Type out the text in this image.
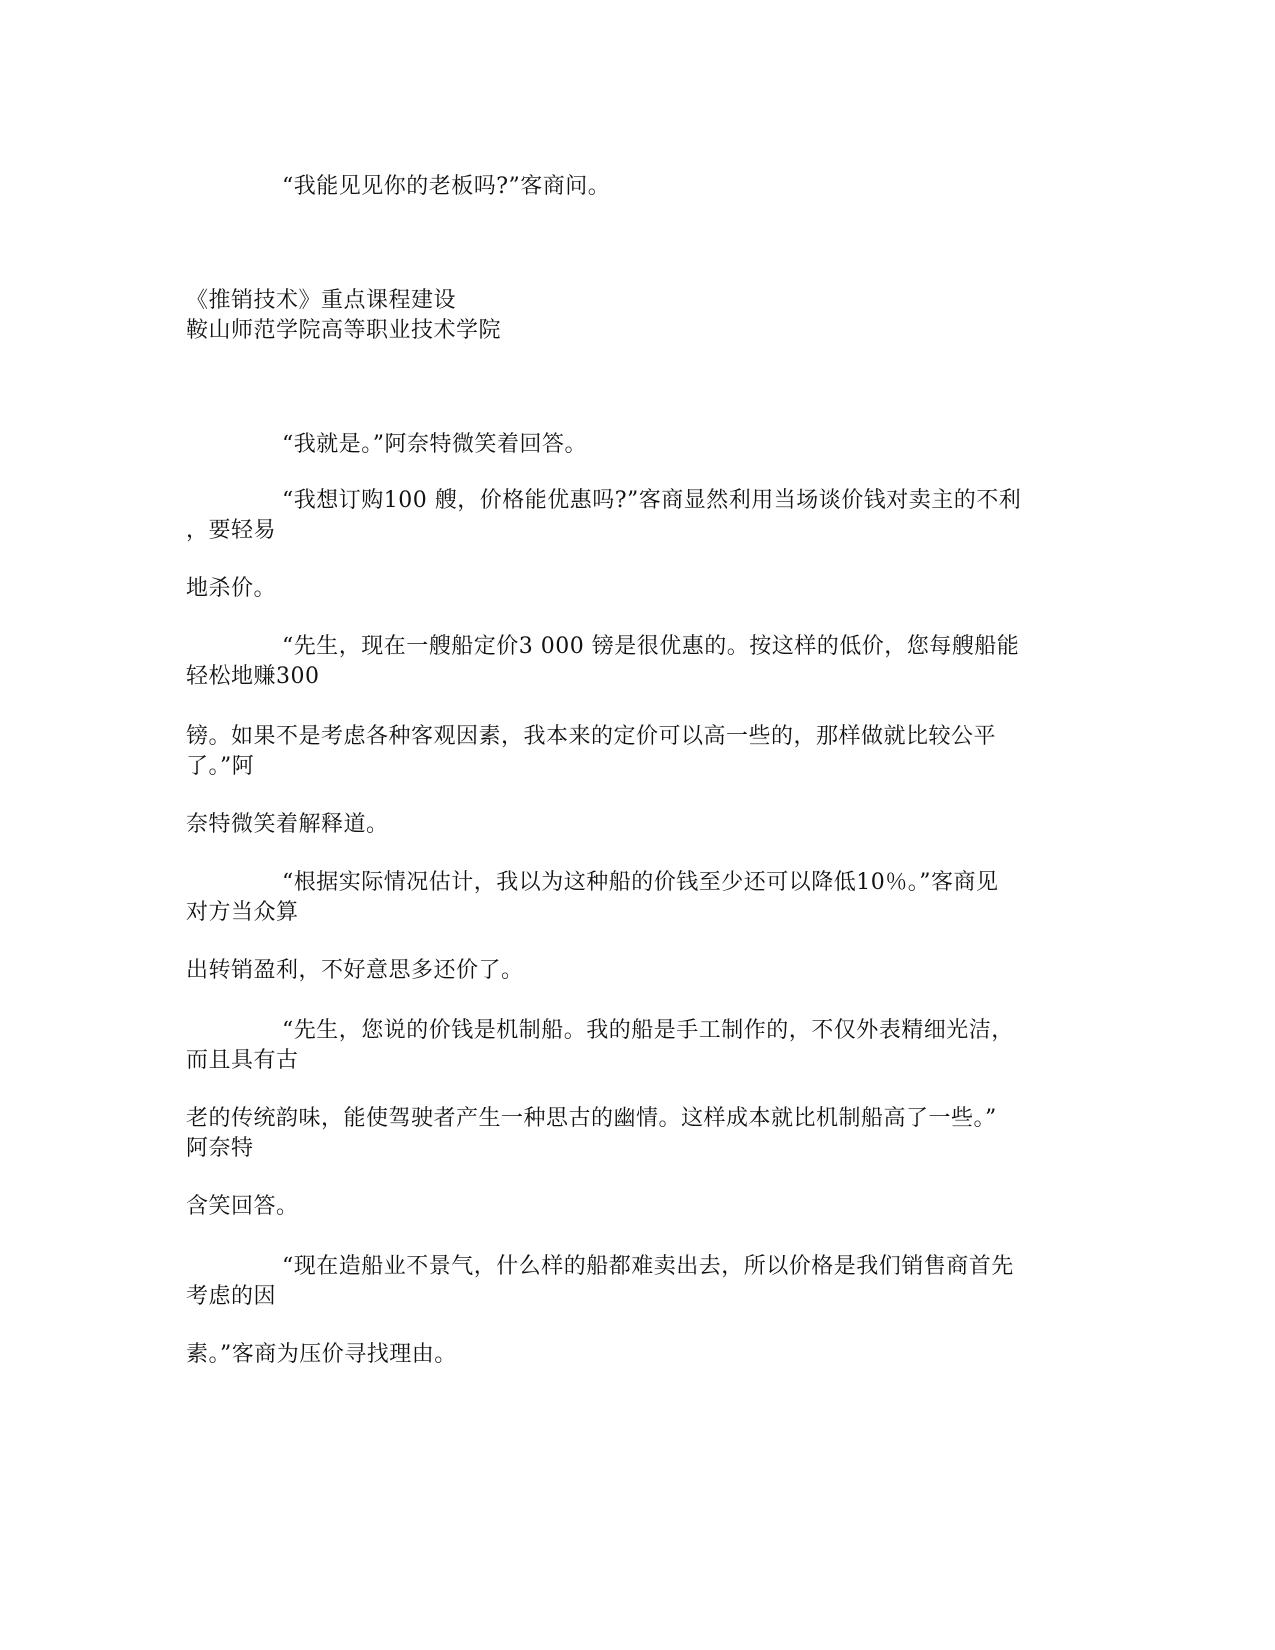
“我能见见你的老板吗?”客商问。
《推销技术》重点课程建设
鞍山师范学院高等职业技术学院
“我就是。”阿奈特微笑着回答。
“我想订购100 艘，价格能优惠吗?”客商显然利用当场谈价钱对卖主的不利
，要轻易
地杀价。
“先生，现在一艘船定价3 000 镑是很优惠的。按这样的低价，您每艘船能
轻松地赚300
镑。如果不是考虑各种客观因素，我本来的定价可以高一些的，那样做就比较公平
了。”阿
奈特微笑着解释道。
“根据实际情况估计，我以为这种船的价钱至少还可以降低10％。”客商见
对方当众算
出转销盈利，不好意思多还价了。
“先生，您说的价钱是机制船。我的船是手工制作的，不仅外表精细光洁，
而且具有古
老的传统韵味，能使驾驶者产生一种思古的幽情。这样成本就比机制船高了一些。”
阿奈特
含笑回答。
“现在造船业不景气，什么样的船都难卖出去，所以价格是我们销售商首先
考虑的因
素。”客商为压价寻找理由。
